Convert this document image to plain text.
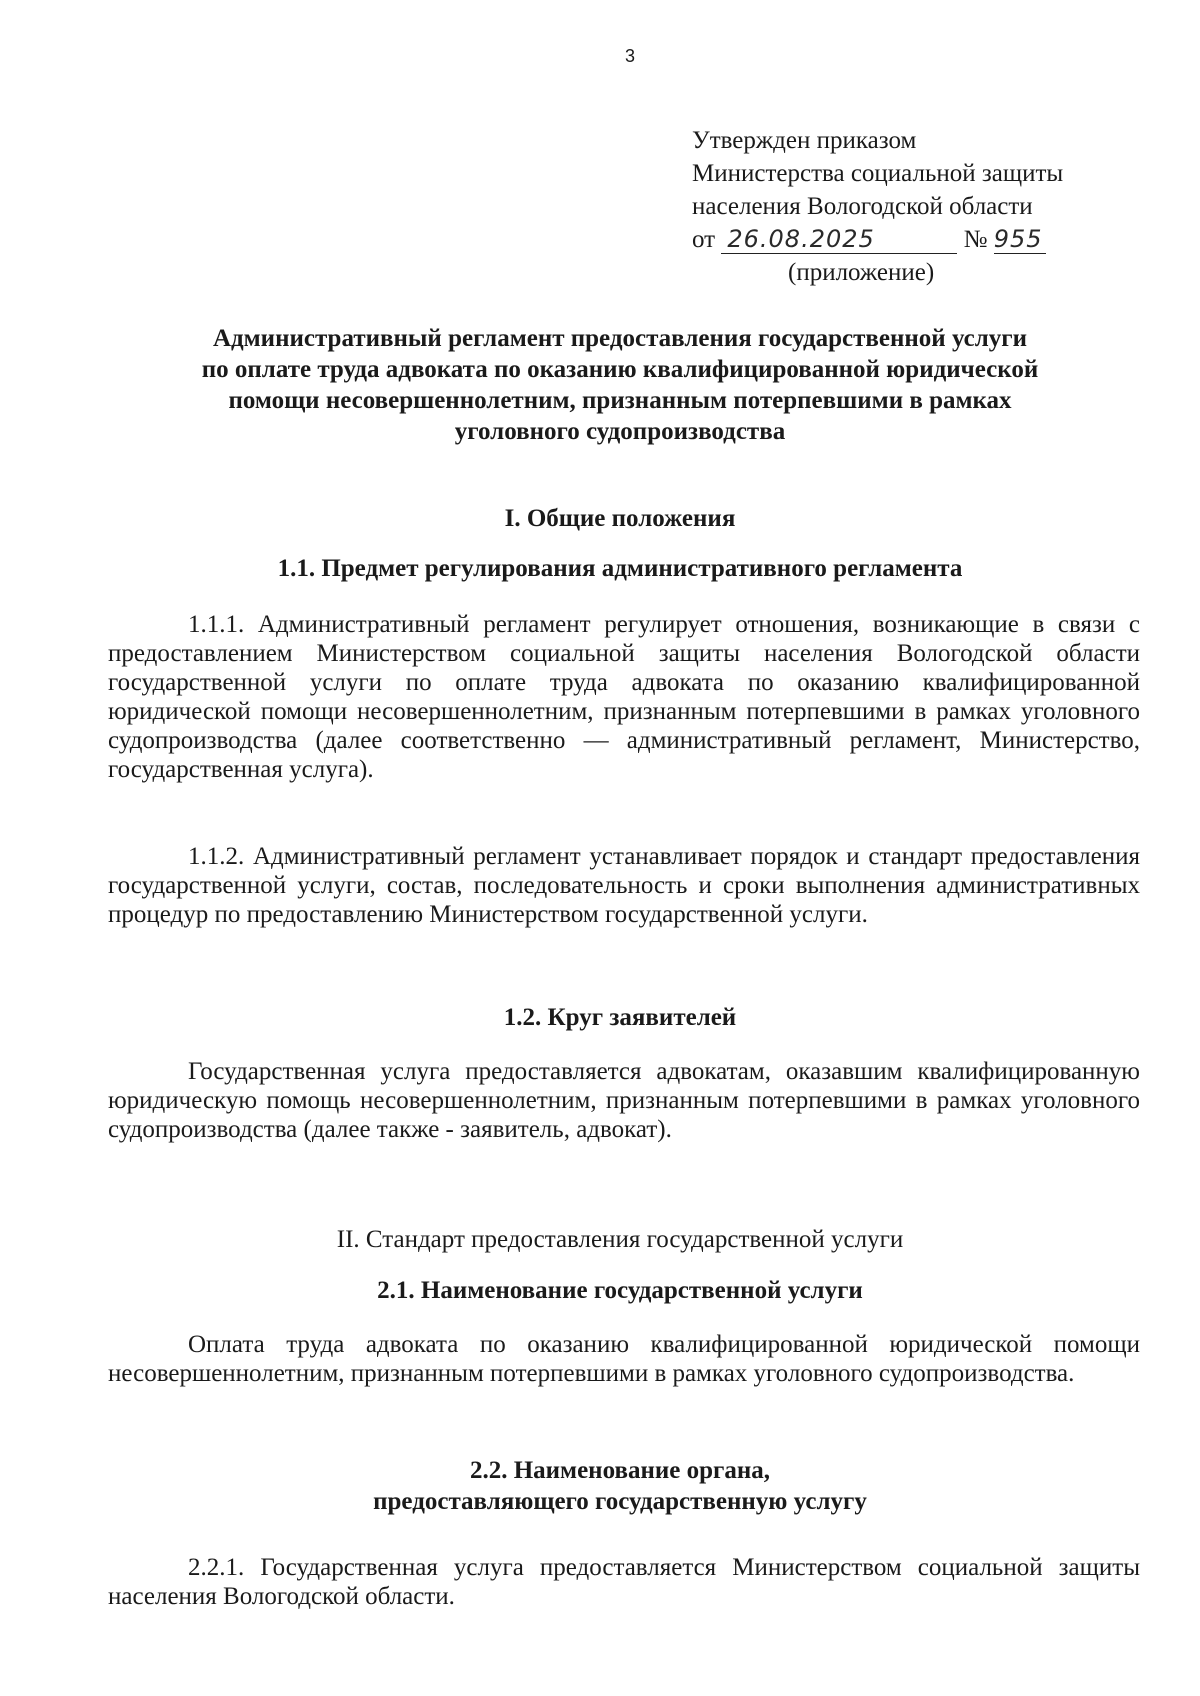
3
Утвержден приказом
Министерства социальной защиты
населения Вологодской области
от 26.08.2025	№ 955
(приложение)
Административный регламент предоставления государственной услуги
по оплате труда адвоката по оказанию квалифицированной юридической
помощи несовершеннолетним, признанным потерпевшими в рамках
уголовного судопроизводства
I. Общие положения
1.1. Предмет регулирования административного регламента

1.1.1. Административный регламент регулирует отношения, возникающие в связи с предоставлением Министерством социальной защиты населения Вологодской области государственной услуги по оплате труда адвоката по оказанию квалифицированной юридической помощи несовершеннолетним, признанным потерпевшими в рамках уголовного судопроизводства (далее соответственно — административный регламент, Министерство, государственная услуга).

1.1.2. Административный регламент устанавливает порядок и стандарт предоставления государственной услуги, состав, последовательность и сроки выполнения административных процедур по предоставлению Министерством государственной услуги.

1.2. Круг заявителей

Государственная услуга предоставляется адвокатам, оказавшим квалифицированную юридическую помощь несовершеннолетним, признанным потерпевшими в рамках уголовного судопроизводства (далее также - заявитель, адвокат).

II. Стандарт предоставления государственной услуги
2.1. Наименование государственной услуги

Оплата труда адвоката по оказанию квалифицированной юридической помощи несовершеннолетним, признанным потерпевшими в рамках уголовного судопроизводства.

2.2. Наименование органа,
предоставляющего государственную услугу

2.2.1. Государственная услуга предоставляется Министерством социальной защиты населения Вологодской области.
